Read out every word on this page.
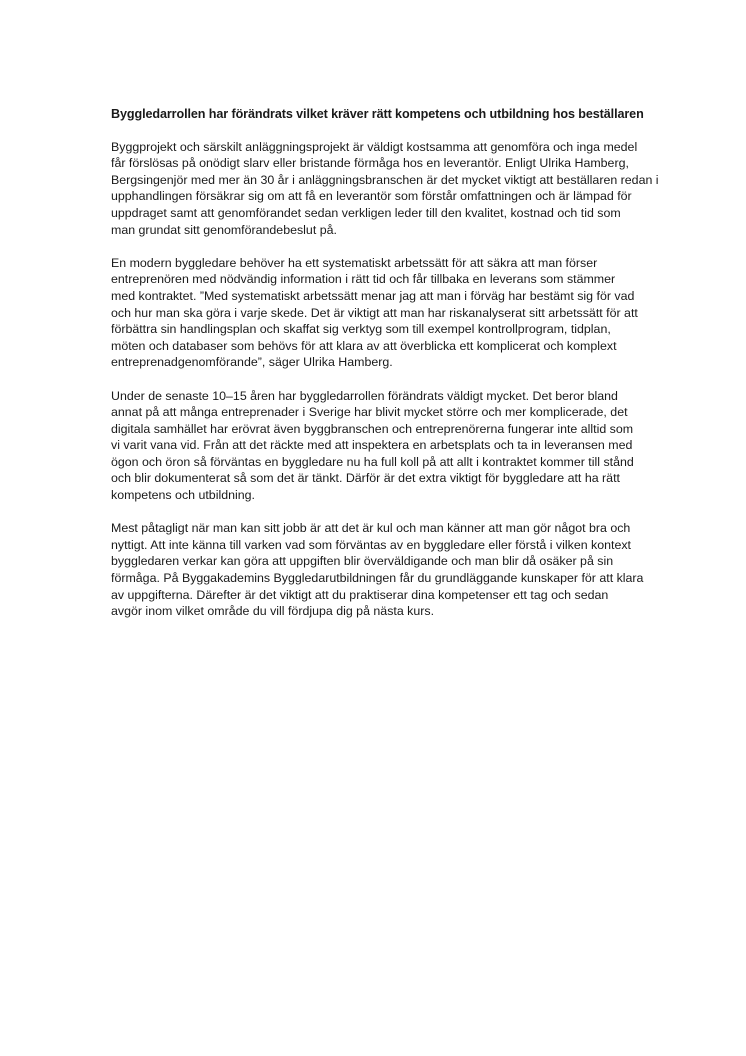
Byggledarrollen har förändrats vilket kräver rätt kompetens och utbildning hos beställaren
Byggprojekt och särskilt anläggningsprojekt är väldigt kostsamma att genomföra och inga medel
får förslösas på onödigt slarv eller bristande förmåga hos en leverantör. Enligt Ulrika Hamberg,
Bergsingenjör med mer än 30 år i anläggningsbranschen är det mycket viktigt att beställaren redan i
upphandlingen försäkrar sig om att få en leverantör som förstår omfattningen och är lämpad för
uppdraget samt att genomförandet sedan verkligen leder till den kvalitet, kostnad och tid som
man grundat sitt genomförandebeslut på.
En modern byggledare behöver ha ett systematiskt arbetssätt för att säkra att man förser
entreprenören med nödvändig information i rätt tid och får tillbaka en leverans som stämmer
med kontraktet. ”Med systematiskt arbetssätt menar jag att man i förväg har bestämt sig för vad
och hur man ska göra i varje skede. Det är viktigt att man har riskanalyserat sitt arbetssätt för att
förbättra sin handlingsplan och skaffat sig verktyg som till exempel kontrollprogram, tidplan,
möten och databaser som behövs för att klara av att överblicka ett komplicerat och komplext
entreprenadgenomförande”, säger Ulrika Hamberg.
Under de senaste 10–15 åren har byggledarrollen förändrats väldigt mycket. Det beror bland
annat på att många entreprenader i Sverige har blivit mycket större och mer komplicerade, det
digitala samhället har erövrat även byggbranschen och entreprenörerna fungerar inte alltid som
vi varit vana vid. Från att det räckte med att inspektera en arbetsplats och ta in leveransen med
ögon och öron så förväntas en byggledare nu ha full koll på att allt i kontraktet kommer till stånd
och blir dokumenterat så som det är tänkt. Därför är det extra viktigt för byggledare att ha rätt
kompetens och utbildning.
Mest påtagligt när man kan sitt jobb är att det är kul och man känner att man gör något bra och
nyttigt. Att inte känna till varken vad som förväntas av en byggledare eller förstå i vilken kontext
byggledaren verkar kan göra att uppgiften blir överväldigande och man blir då osäker på sin
förmåga. På Byggakademins Byggledarutbildningen får du grundläggande kunskaper för att klara
av uppgifterna. Därefter är det viktigt att du praktiserar dina kompetenser ett tag och sedan
avgör inom vilket område du vill fördjupa dig på nästa kurs.
